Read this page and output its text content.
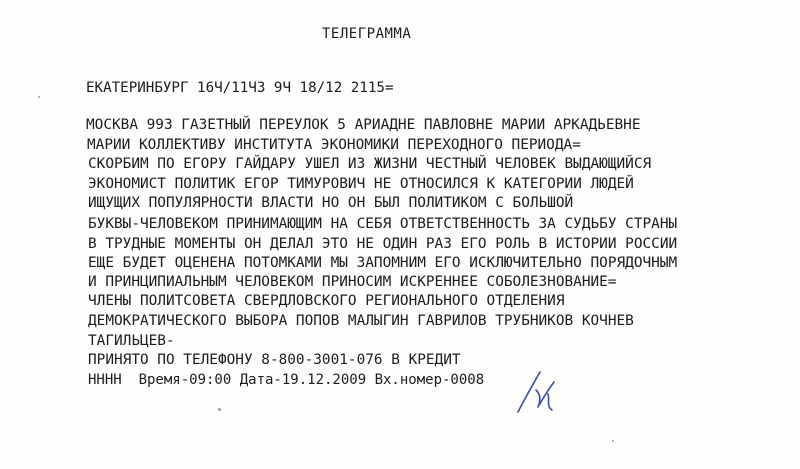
ТЕЛЕГРАММА
ЕКАТЕРИНБУРГ 16Ч/11Ч3 9Ч 18/12 2115=
МОСКВА 993 ГАЗЕТНЫЙ ПЕРЕУЛОК 5 АРИАДНЕ ПАВЛОВНЕ МАРИИ АРКАДЬЕВНЕ
МАРИИ КОЛЛЕКТИВУ ИНСТИТУТА ЭКОНОМИКИ ПЕРЕХОДНОГО ПЕРИОДА=
СКОРБИМ ПО ЕГОРУ ГАЙДАРУ УШЕЛ ИЗ ЖИЗНИ ЧЕСТНЫЙ ЧЕЛОВЕК ВЫДАЮЩИЙСЯ
ЭКОНОМИСТ ПОЛИТИК ЕГОР ТИМУРОВИЧ НЕ ОТНОСИЛСЯ К КАТЕГОРИИ ЛЮДЕЙ
ИЩУЩИХ ПОПУЛЯРНОСТИ ВЛАСТИ НО ОН БЫЛ ПОЛИТИКОМ С БОЛЬШОЙ
БУКВЫ-ЧЕЛОВЕКОМ ПРИНИМАЮЩИМ НА СЕБЯ ОТВЕТСТВЕННОСТЬ ЗА СУДЬБУ СТРАНЫ
В ТРУДНЫЕ МОМЕНТЫ ОН ДЕЛАЛ ЭТО НЕ ОДИН РАЗ ЕГО РОЛЬ В ИСТОРИИ РОССИИ
ЕЩЕ БУДЕТ ОЦЕНЕНА ПОТОМКАМИ МЫ ЗАПОМНИМ ЕГО ИСКЛЮЧИТЕЛЬНО ПОРЯДОЧНЫМ
И ПРИНЦИПИАЛЬНЫМ ЧЕЛОВЕКОМ ПРИНОСИМ ИСКРЕННЕЕ СОБОЛЕЗНОВАНИЕ=
ЧЛЕНЫ ПОЛИТСОВЕТА СВЕРДЛОВСКОГО РЕГИОНАЛЬНОГО ОТДЕЛЕНИЯ
ДЕМОКРАТИЧЕСКОГО ВЫБОРА ПОПОВ МАЛЫГИН ГАВРИЛОВ ТРУБНИКОВ КОЧНЕВ
ТАГИЛЬЦЕВ-
ПРИНЯТО ПО ТЕЛЕФОНУ 8-800-3001-076 В КРЕДИТ
НННН  Время-09:00 Дата-19.12.2009 Вх.номер-0008
